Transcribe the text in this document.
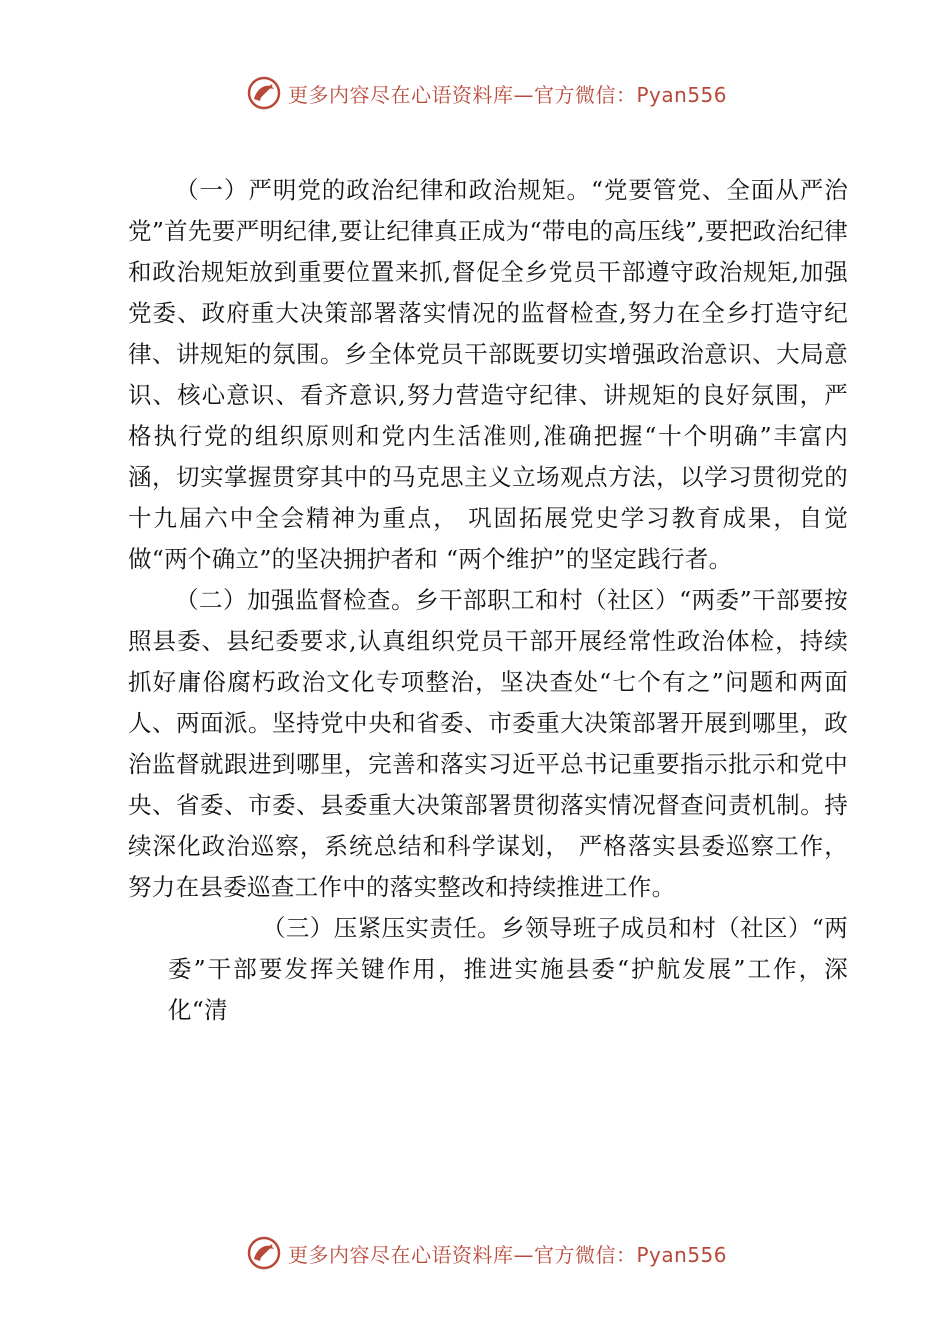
更多内容尽在心语资料库—官方微信：Pyan556

（一）严明党的政治纪律和政治规矩。“党要管党、全面从严治党”首先要严明纪律,要让纪律真正成为“带电的高压线”,要把政治纪律和政治规矩放到重要位置来抓,督促全乡党员干部遵守政治规矩,加强党委、政府重大决策部署落实情况的监督检查,努力在全乡打造守纪律、讲规矩的氛围。乡全体党员干部既要切实增强政治意识、大局意识、核心意识、看齐意识,努力营造守纪律、讲规矩的良好氛围，严格执行党的组织原则和党内生活准则,准确把握“十个明确”丰富内涵，切实掌握贯穿其中的马克思主义立场观点方法，以学习贯彻党的十九届六中全会精神为重点， 巩固拓展党史学习教育成果，自觉做“两个确立”的坚决拥护者和 “两个维护”的坚定践行者。

（二）加强监督检查。乡干部职工和村（社区）“两委”干部要按照县委、县纪委要求,认真组织党员干部开展经常性政治体检，持续抓好庸俗腐朽政治文化专项整治，坚决查处“七个有之”问题和两面人、两面派。坚持党中央和省委、市委重大决策部署开展到哪里，政治监督就跟进到哪里，完善和落实习近平总书记重要指示批示和党中央、省委、市委、县委重大决策部署贯彻落实情况督查问责机制。持续深化政治巡察，系统总结和科学谋划， 严格落实县委巡察工作，努力在县委巡查工作中的落实整改和持续推进工作。

（三）压紧压实责任。乡领导班子成员和村（社区）“两委”干部要发挥关键作用，推进实施县委“护航发展”工作，深化“清

更多内容尽在心语资料库—官方微信：Pyan556
